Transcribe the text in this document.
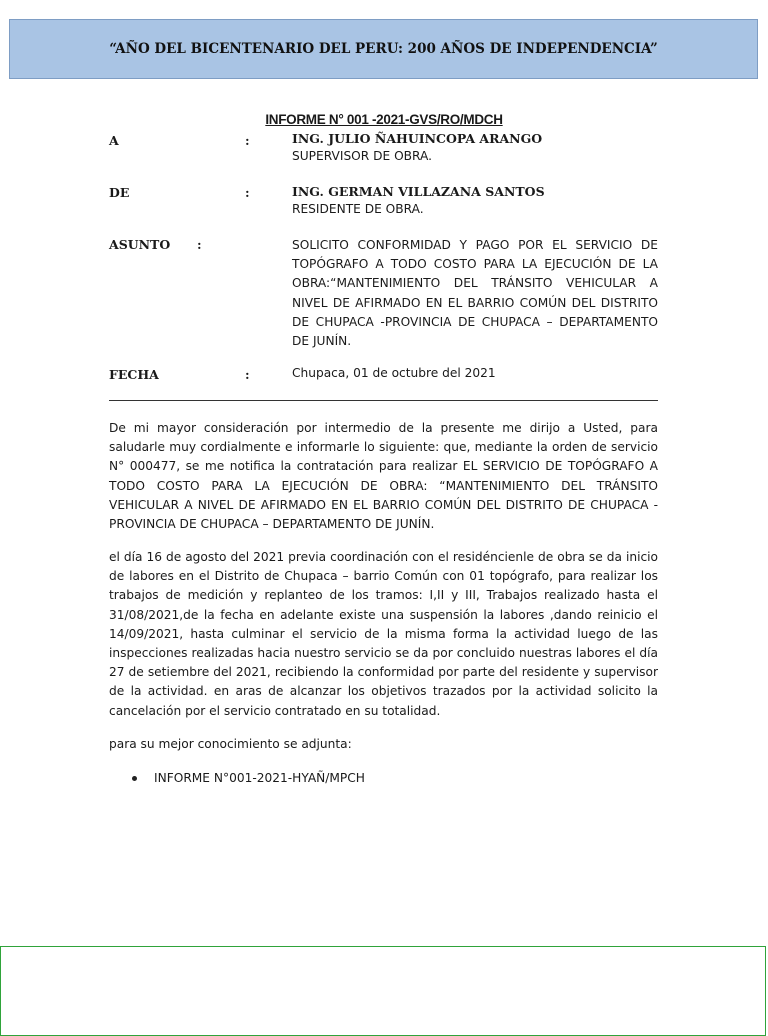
“AÑO DEL BICENTENARIO DEL PERU: 200 AÑOS DE INDEPENDENCIA”
INFORME N° 001 -2021-GVS/RO/MDCH
A	:	ING. JULIO ÑAHUINCOPA ARANGO
SUPERVISOR DE OBRA.
DE	:	ING. GERMAN VILLAZANA SANTOS
RESIDENTE DE OBRA.
ASUNTO :	SOLICITO CONFORMIDAD Y PAGO POR EL SERVICIO DE TOPÓGRAFO A TODO COSTO PARA LA EJECUCIÓN DE LA OBRA:“MANTENIMIENTO DEL TRÁNSITO VEHICULAR A NIVEL DE AFIRMADO EN EL BARRIO COMÚN DEL DISTRITO DE CHUPACA -PROVINCIA DE CHUPACA – DEPARTAMENTO DE JUNÍN.
FECHA	:	Chupaca, 01 de octubre del 2021
De mi mayor consideración por intermedio de la presente me dirijo a Usted, para saludarle muy cordialmente e informarle lo siguiente: que, mediante la orden de servicio N° 000477, se me notifica la contratación para realizar EL SERVICIO DE TOPÓGRAFO A TODO COSTO PARA LA EJECUCIÓN DE OBRA: “MANTENIMIENTO DEL TRÁNSITO VEHICULAR A NIVEL DE AFIRMADO EN EL BARRIO COMÚN DEL DISTRITO DE CHUPACA -PROVINCIA DE CHUPACA – DEPARTAMENTO DE JUNÍN.
el día 16 de agosto del 2021 previa coordinación con el residéncienle de obra se da inicio de labores en el Distrito de Chupaca – barrio Común con 01 topógrafo, para realizar los trabajos de medición y replanteo de los tramos: I,II y III, Trabajos realizado hasta el 31/08/2021,de la fecha en adelante existe una suspensión la labores ,dando reinicio el 14/09/2021, hasta culminar el servicio de la misma forma la actividad luego de las inspecciones realizadas hacia nuestro servicio se da por concluido nuestras labores el día 27 de setiembre del 2021, recibiendo la conformidad por parte del residente y supervisor de la actividad. en aras de alcanzar los objetivos trazados por la actividad solicito la cancelación por el servicio contratado en su totalidad.
para su mejor conocimiento se adjunta:
INFORME N°001-2021-HYAÑ/MPCH
